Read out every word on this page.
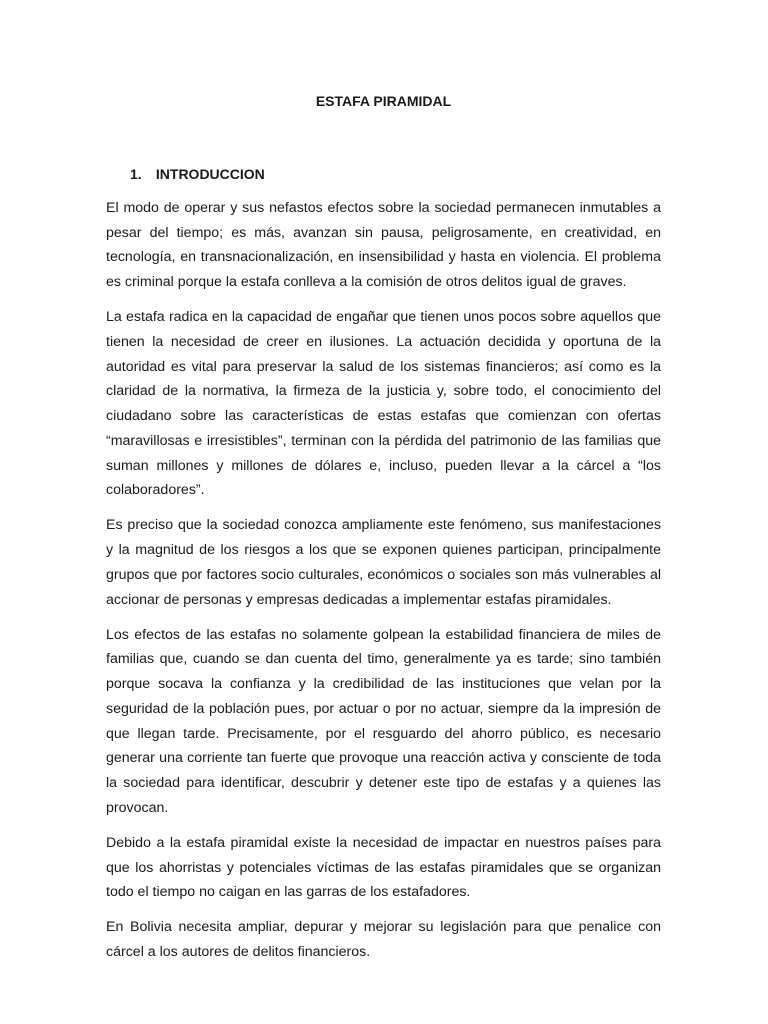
ESTAFA PIRAMIDAL
1. INTRODUCCION

El modo de operar y sus nefastos efectos sobre la sociedad permanecen inmutables a pesar del tiempo; es más, avanzan sin pausa, peligrosamente, en creatividad, en tecnología, en transnacionalización, en insensibilidad y hasta en violencia. El problema es criminal porque la estafa conlleva a la comisión de otros delitos igual de graves.

La estafa radica en la capacidad de engañar que tienen unos pocos sobre aquellos que tienen la necesidad de creer en ilusiones. La actuación decidida y oportuna de la autoridad es vital para preservar la salud de los sistemas financieros; así como es la claridad de la normativa, la firmeza de la justicia y, sobre todo, el conocimiento del ciudadano sobre las características de estas estafas que comienzan con ofertas “maravillosas e irresistibles”, terminan con la pérdida del patrimonio de las familias que suman millones y millones de dólares e, incluso, pueden llevar a la cárcel a “los colaboradores”.

Es preciso que la sociedad conozca ampliamente este fenómeno, sus manifestaciones y la magnitud de los riesgos a los que se exponen quienes participan, principalmente grupos que por factores socio culturales, económicos o sociales son más vulnerables al accionar de personas y empresas dedicadas a implementar estafas piramidales.

Los efectos de las estafas no solamente golpean la estabilidad financiera de miles de familias que, cuando se dan cuenta del timo, generalmente ya es tarde; sino también porque socava la confianza y la credibilidad de las instituciones que velan por la seguridad de la población pues, por actuar o por no actuar, siempre da la impresión de que llegan tarde. Precisamente, por el resguardo del ahorro público, es necesario generar una corriente tan fuerte que provoque una reacción activa y consciente de toda la sociedad para identificar, descubrir y detener este tipo de estafas y a quienes las provocan.

Debido a la estafa piramidal existe la necesidad de impactar en nuestros países para que los ahorristas y potenciales víctimas de las estafas piramidales que se organizan todo el tiempo no caigan en las garras de los estafadores.

En Bolivia necesita ampliar, depurar y mejorar su legislación para que penalice con cárcel a los autores de delitos financieros.
